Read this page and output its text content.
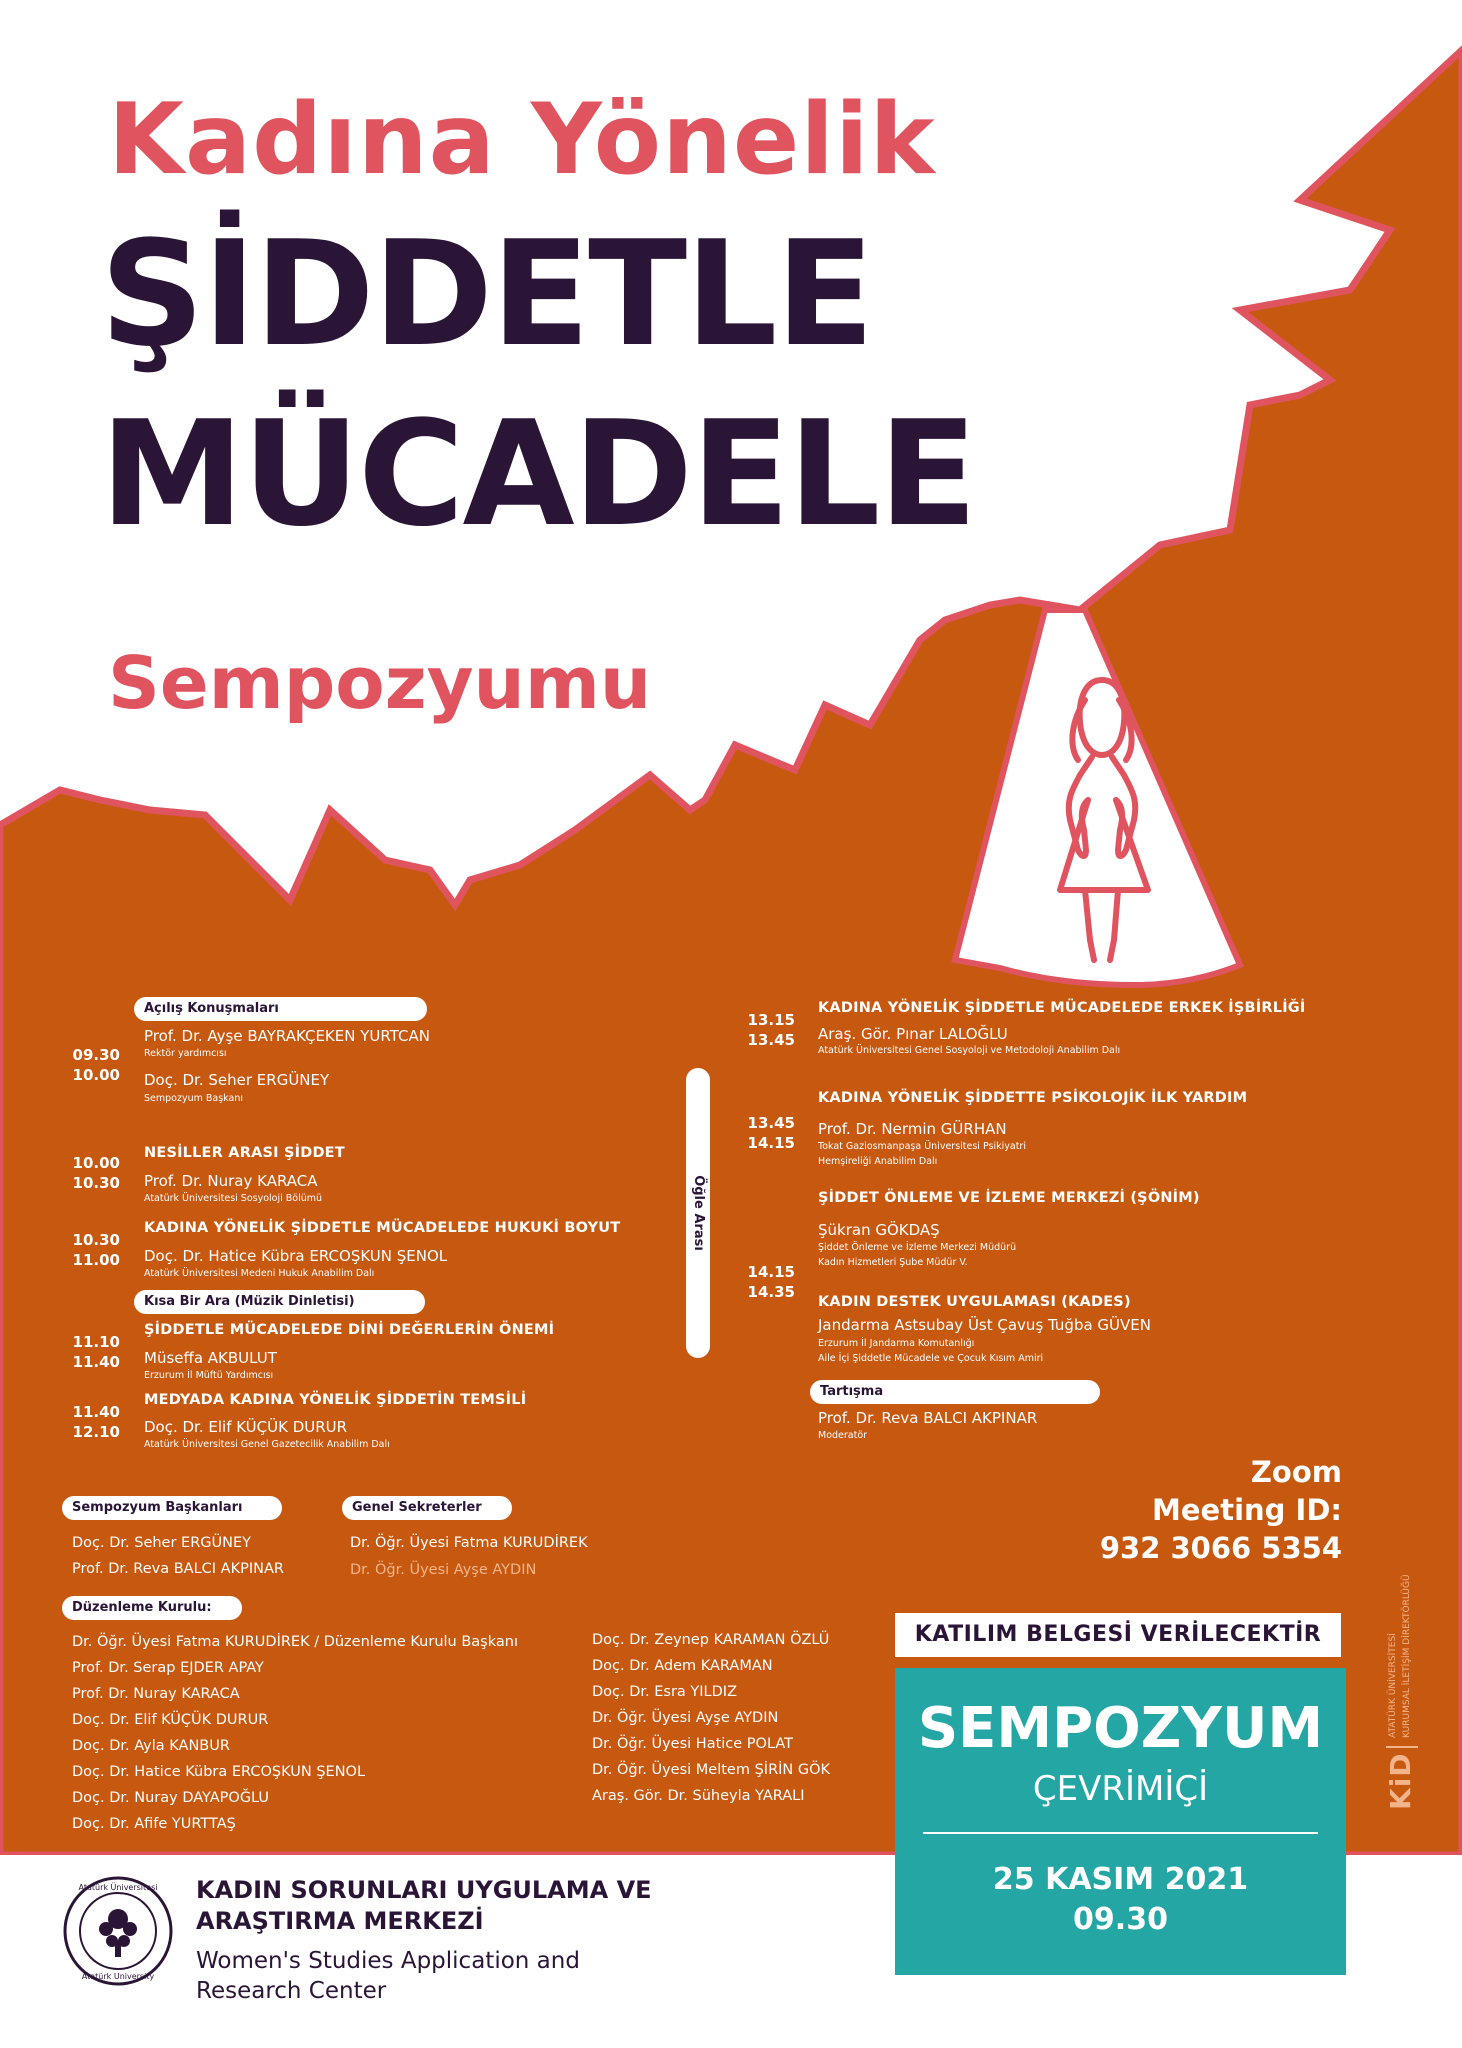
Kadına Yönelik
ŞİDDETLE
MÜCADELE
Sempozyumu
Açılış Konuşmaları
09.30
10.00
Prof. Dr. Ayşe BAYRAKÇEKEN YURTCAN
Rektör yardımcısı
Doç. Dr. Seher ERGÜNEY
Sempozyum Başkanı
10.00
10.30
NESİLLER ARASI ŞİDDET
Prof. Dr. Nuray KARACA
Atatürk Üniversitesi Sosyoloji Bölümü
10.30
11.00
KADINA YÖNELİK ŞİDDETLE MÜCADELEDE HUKUKİ BOYUT
Doç. Dr. Hatice Kübra ERCOŞKUN ŞENOL
Atatürk Üniversitesi Medeni Hukuk Anabilim Dalı
Kısa Bir Ara (Müzik Dinletisi)
11.10
11.40
ŞİDDETLE MÜCADELEDE DİNİ DEĞERLERİN ÖNEMİ
Müseffa AKBULUT
Erzurum İl Müftü Yardımcısı
11.40
12.10
MEDYADA KADINA YÖNELİK ŞİDDETİN TEMSİLİ
Doç. Dr. Elif KÜÇÜK DURUR
Atatürk Üniversitesi Genel Gazetecilik Anabilim Dalı
Öğle Arası
13.15
13.45
KADINA YÖNELİK ŞİDDETLE MÜCADELEDE ERKEK İŞBİRLİĞİ
Araş. Gör. Pınar LALOĞLU
Atatürk Üniversitesi Genel Sosyoloji ve Metodoloji Anabilim Dalı
KADINA YÖNELİK ŞİDDETTE PSİKOLOJİK İLK YARDIM
13.45
14.15
Prof. Dr. Nermin GÜRHAN
Tokat Gaziosmanpaşa Üniversitesi Psikiyatri
Hemşireliği Anabilim Dalı
ŞİDDET ÖNLEME VE İZLEME MERKEZİ (ŞÖNİM)
Şükran GÖKDAŞ
Şiddet Önleme ve İzleme Merkezi Müdürü
Kadın Hizmetleri Şube Müdür V.
14.15
14.35
KADIN DESTEK UYGULAMASI (KADES)
Jandarma Astsubay Üst Çavuş Tuğba GÜVEN
Erzurum İl Jandarma Komutanlığı
Aile İçi Şiddetle Mücadele ve Çocuk Kısım Amiri
Tartışma
Prof. Dr. Reva BALCI AKPINAR
Moderatör
Zoom
Meeting ID:
932 3066 5354
Sempozyum Başkanları
Doç. Dr. Seher ERGÜNEY
Prof. Dr. Reva BALCI AKPINAR
Genel Sekreterler
Dr. Öğr. Üyesi Fatma KURUDİREK
Dr. Öğr. Üyesi Ayşe AYDIN
Düzenleme Kurulu:
Dr. Öğr. Üyesi Fatma KURUDİREK / Düzenleme Kurulu Başkanı
Prof. Dr. Serap EJDER APAY
Prof. Dr. Nuray KARACA
Doç. Dr. Elif KÜÇÜK DURUR
Doç. Dr. Ayla KANBUR
Doç. Dr. Hatice Kübra ERCOŞKUN ŞENOL
Doç. Dr. Nuray DAYAPOĞLU
Doç. Dr. Afife YURTTAŞ
Doç. Dr. Zeynep KARAMAN ÖZLÜ
Doç. Dr. Adem KARAMAN
Doç. Dr. Esra YILDIZ
Dr. Öğr. Üyesi Ayşe AYDIN
Dr. Öğr. Üyesi Hatice POLAT
Dr. Öğr. Üyesi Meltem ŞİRİN GÖK
Araş. Gör. Dr. Süheyla YARALI
KATILIM BELGESİ VERİLECEKTİR
SEMPOZYUM
ÇEVRİMİÇİ
25 KASIM 2021
09.30
KiD
ATATÜRK ÜNİVERSİTESİ KURUMSAL İLETİŞİM DİREKTÖRLÜĞÜ
Atatürk Üniversitesi
Atatürk University
KADIN SORUNLARI UYGULAMA VE
ARAŞTIRMA MERKEZİ
Women's Studies Application and
Research Center
